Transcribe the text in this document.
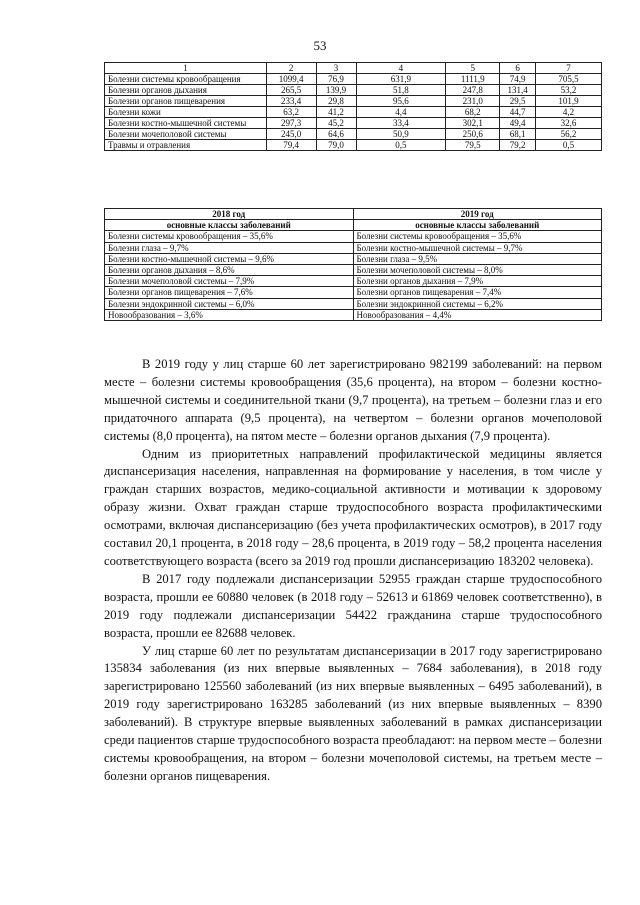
53
1	2	3	4	5	6	7
Болезни системы кровообращения	1099,4	76,9	631,9	1111,9	74,9	705,5
Болезни органов дыхания	265,5	139,9	51,8	247,8	131,4	53,2
Болезни органов пищеварения	233,4	29,8	95,6	231,0	29,5	101,9
Болезни кожи	63,2	41,2	4,4	68,2	44,7	4,2
Болезни костно-мышечной системы	297,3	45,2	33,4	302,1	49,4	32,6
Болезни мочеполовой системы	245,0	64,6	50,9	250,6	68,1	56,2
Травмы и отравления	79,4	79,0	0,5	79,5	79,2	0,5
2018 год	2019 год
основные классы заболеваний	основные классы заболеваний
Болезни системы кровообращения – 35,6%	Болезни системы кровообращения – 35,6%
Болезни глаза – 9,7%	Болезни костно-мышечной системы – 9,7%
Болезни костно-мышечной системы – 9,6%	Болезни глаза – 9,5%
Болезни органов дыхания – 8,6%	Болезни мочеполовой системы – 8,0%
Болезни мочеполовой системы – 7,9%	Болезни органов дыхания – 7,9%
Болезни органов пищеварения – 7,6%	Болезни органов пищеварения – 7,4%
Болезни эндокринной системы – 6,0%	Болезни эндокринной системы – 6,2%
Новообразования – 3,6%	Новообразования – 4,4%

В 2019 году у лиц старше 60 лет зарегистрировано 982199 заболеваний: на первом месте – болезни системы кровообращения (35,6 процента), на втором – болезни костно-мышечной системы и соединительной ткани (9,7 процента), на третьем – болезни глаз и его придаточного аппарата (9,5 процента), на четвертом – болезни органов мочеполовой системы (8,0 процента), на пятом месте – болезни органов дыхания (7,9 процента).

Одним из приоритетных направлений профилактической медицины является диспансеризация населения, направленная на формирование у населения, в том числе у граждан старших возрастов, медико-социальной активности и мотивации к здоровому образу жизни. Охват граждан старше трудоспособного возраста профилактическими осмотрами, включая диспансеризацию (без учета профилактических осмотров), в 2017 году составил 20,1 процента, в 2018 году – 28,6 процента, в 2019 году – 58,2 процента населения соответствующего возраста (всего за 2019 год прошли диспансеризацию 183202 человека).

В 2017 году подлежали диспансеризации 52955 граждан старше трудоспособного возраста, прошли ее 60880 человек (в 2018 году – 52613 и 61869 человек соответственно), в 2019 году подлежали диспансеризации 54422 гражданина старше трудоспособного возраста, прошли ее 82688 человек.

У лиц старше 60 лет по результатам диспансеризации в 2017 году зарегистрировано 135834 заболевания (из них впервые выявленных – 7684 заболевания), в 2018 году зарегистрировано 125560 заболеваний (из них впервые выявленных – 6495 заболеваний), в 2019 году зарегистрировано 163285 заболеваний (из них впервые выявленных – 8390 заболеваний). В структуре впервые выявленных заболеваний в рамках диспансеризации среди пациентов старше трудоспособного возраста преобладают: на первом месте – болезни системы кровообращения, на втором – болезни мочеполовой системы, на третьем месте – болезни органов пищеварения.
